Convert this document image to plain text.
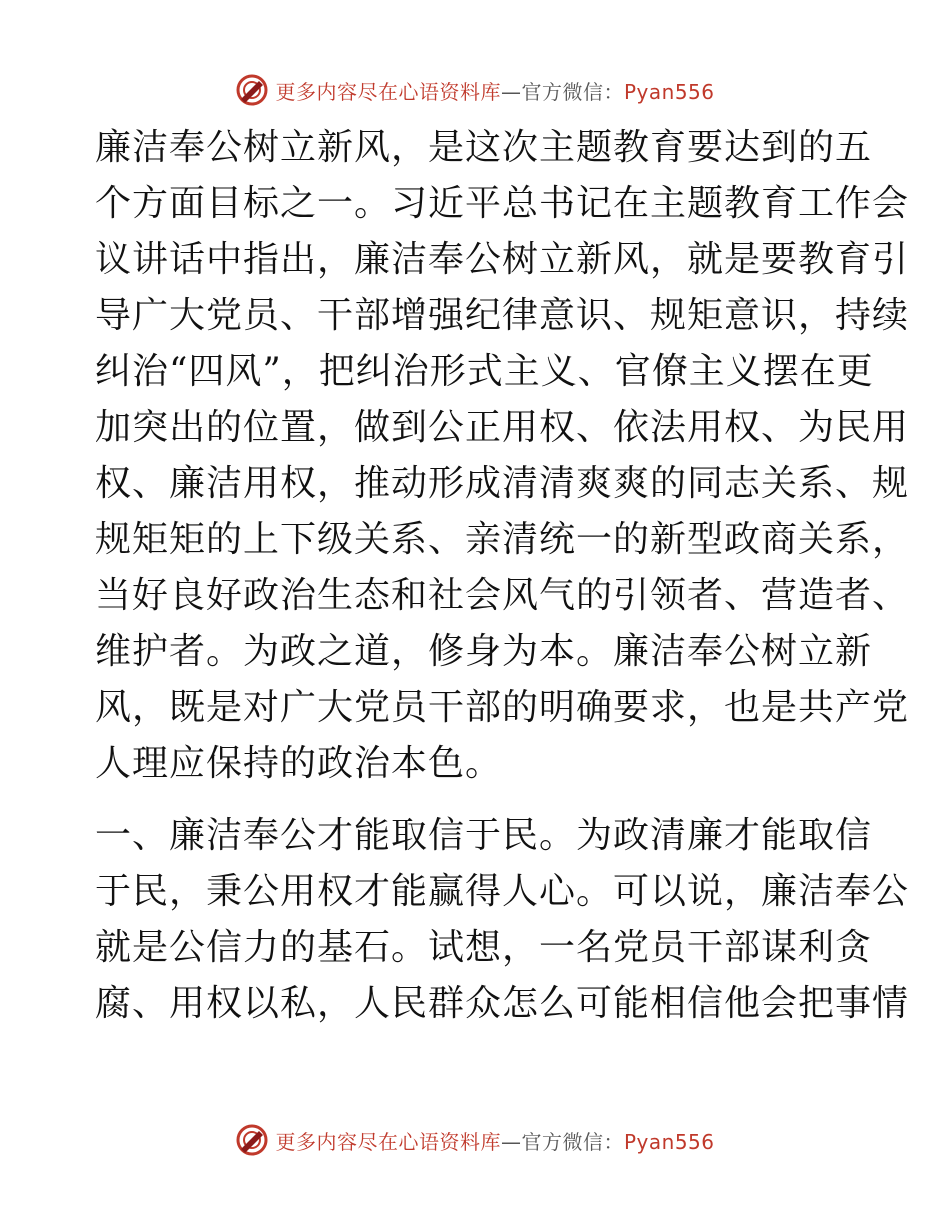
更多内容尽在心语资料库—官方微信：Pyan556
廉洁奉公树立新风，是这次主题教育要达到的五
个方面目标之一。习近平总书记在主题教育工作会
议讲话中指出，廉洁奉公树立新风，就是要教育引
导广大党员、干部增强纪律意识、规矩意识，持续
纠治“四风”，把纠治形式主义、官僚主义摆在更
加突出的位置，做到公正用权、依法用权、为民用
权、廉洁用权，推动形成清清爽爽的同志关系、规
规矩矩的上下级关系、亲清统一的新型政商关系，
当好良好政治生态和社会风气的引领者、营造者、
维护者。为政之道，修身为本。廉洁奉公树立新
风，既是对广大党员干部的明确要求，也是共产党
人理应保持的政治本色。
一、廉洁奉公才能取信于民。为政清廉才能取信
于民，秉公用权才能赢得人心。可以说，廉洁奉公
就是公信力的基石。试想，一名党员干部谋利贪
腐、用权以私，人民群众怎么可能相信他会把事情
更多内容尽在心语资料库—官方微信：Pyan556
